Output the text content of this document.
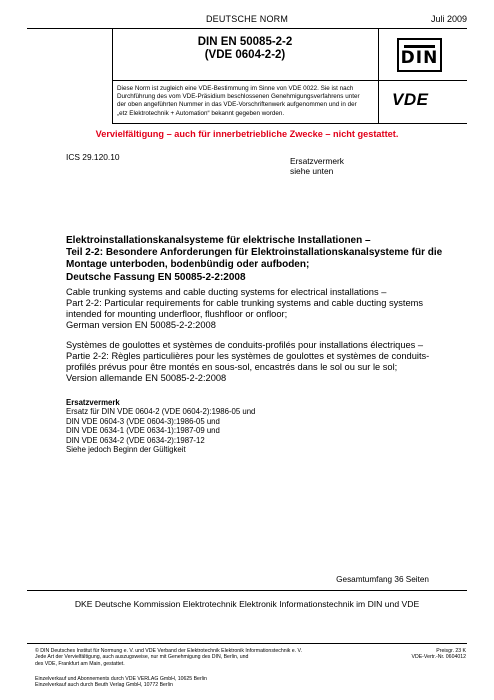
DEUTSCHE NORM	Juli 2009
DIN EN 50085-2-2
(VDE 0604-2-2)	DIN
Diese Norm ist zugleich eine VDE-Bestimmung im Sinne von VDE 0022. Sie ist nach
Durchführung des vom VDE-Präsidium beschlossenen Genehmigungsverfahrens unter
der oben angeführten Nummer in das VDE-Vorschriftenwerk aufgenommen und in der
„etz Elektrotechnik + Automation“ bekannt gegeben worden.
VDE
Vervielfältigung – auch für innerbetriebliche Zwecke – nicht gestattet.
ICS 29.120.10	Ersatzvermerk
siehe unten
Elektroinstallationskanalsysteme für elektrische Installationen –
Teil 2-2: Besondere Anforderungen für Elektroinstallationskanalsysteme für die
Montage unterboden, bodenbündig oder aufboden;
Deutsche Fassung EN 50085-2-2:2008
Cable trunking systems and cable ducting systems for electrical installations –
Part 2-2: Particular requirements for cable trunking systems and cable ducting systems
intended for mounting underfloor, flushfloor or onfloor;
German version EN 50085-2-2:2008
Systèmes de goulottes et systèmes de conduits-profilés pour installations électriques –
Partie 2-2: Règles particulières pour les systèmes de goulottes et systèmes de conduits-
profilés prévus pour être montés en sous-sol, encastrés dans le sol ou sur le sol;
Version allemande EN 50085-2-2:2008
Ersatzvermerk
Ersatz für DIN VDE 0604-2 (VDE 0604-2):1986-05 und
DIN VDE 0604-3 (VDE 0604-3):1986-05 und
DIN VDE 0634-1 (VDE 0634-1):1987-09 und
DIN VDE 0634-2 (VDE 0634-2):1987-12
Siehe jedoch Beginn der Gültigkeit
Gesamtumfang 36 Seiten
DKE Deutsche Kommission Elektrotechnik Elektronik Informationstechnik im DIN und VDE
© DIN Deutsches Institut für Normung e. V. und VDE Verband der Elektrotechnik Elektronik Informationstechnik e. V.
Jede Art der Vervielfältigung, auch auszugsweise, nur mit Genehmigung des DIN, Berlin, und
des VDE, Frankfurt am Main, gestattet.
Preisgr. 23 K
VDE-Vertr.-Nr. 0604012
Einzelverkauf und Abonnements durch VDE VERLAG GmbH, 10625 Berlin
Einzelverkauf auch durch Beuth Verlag GmbH, 10772 Berlin
